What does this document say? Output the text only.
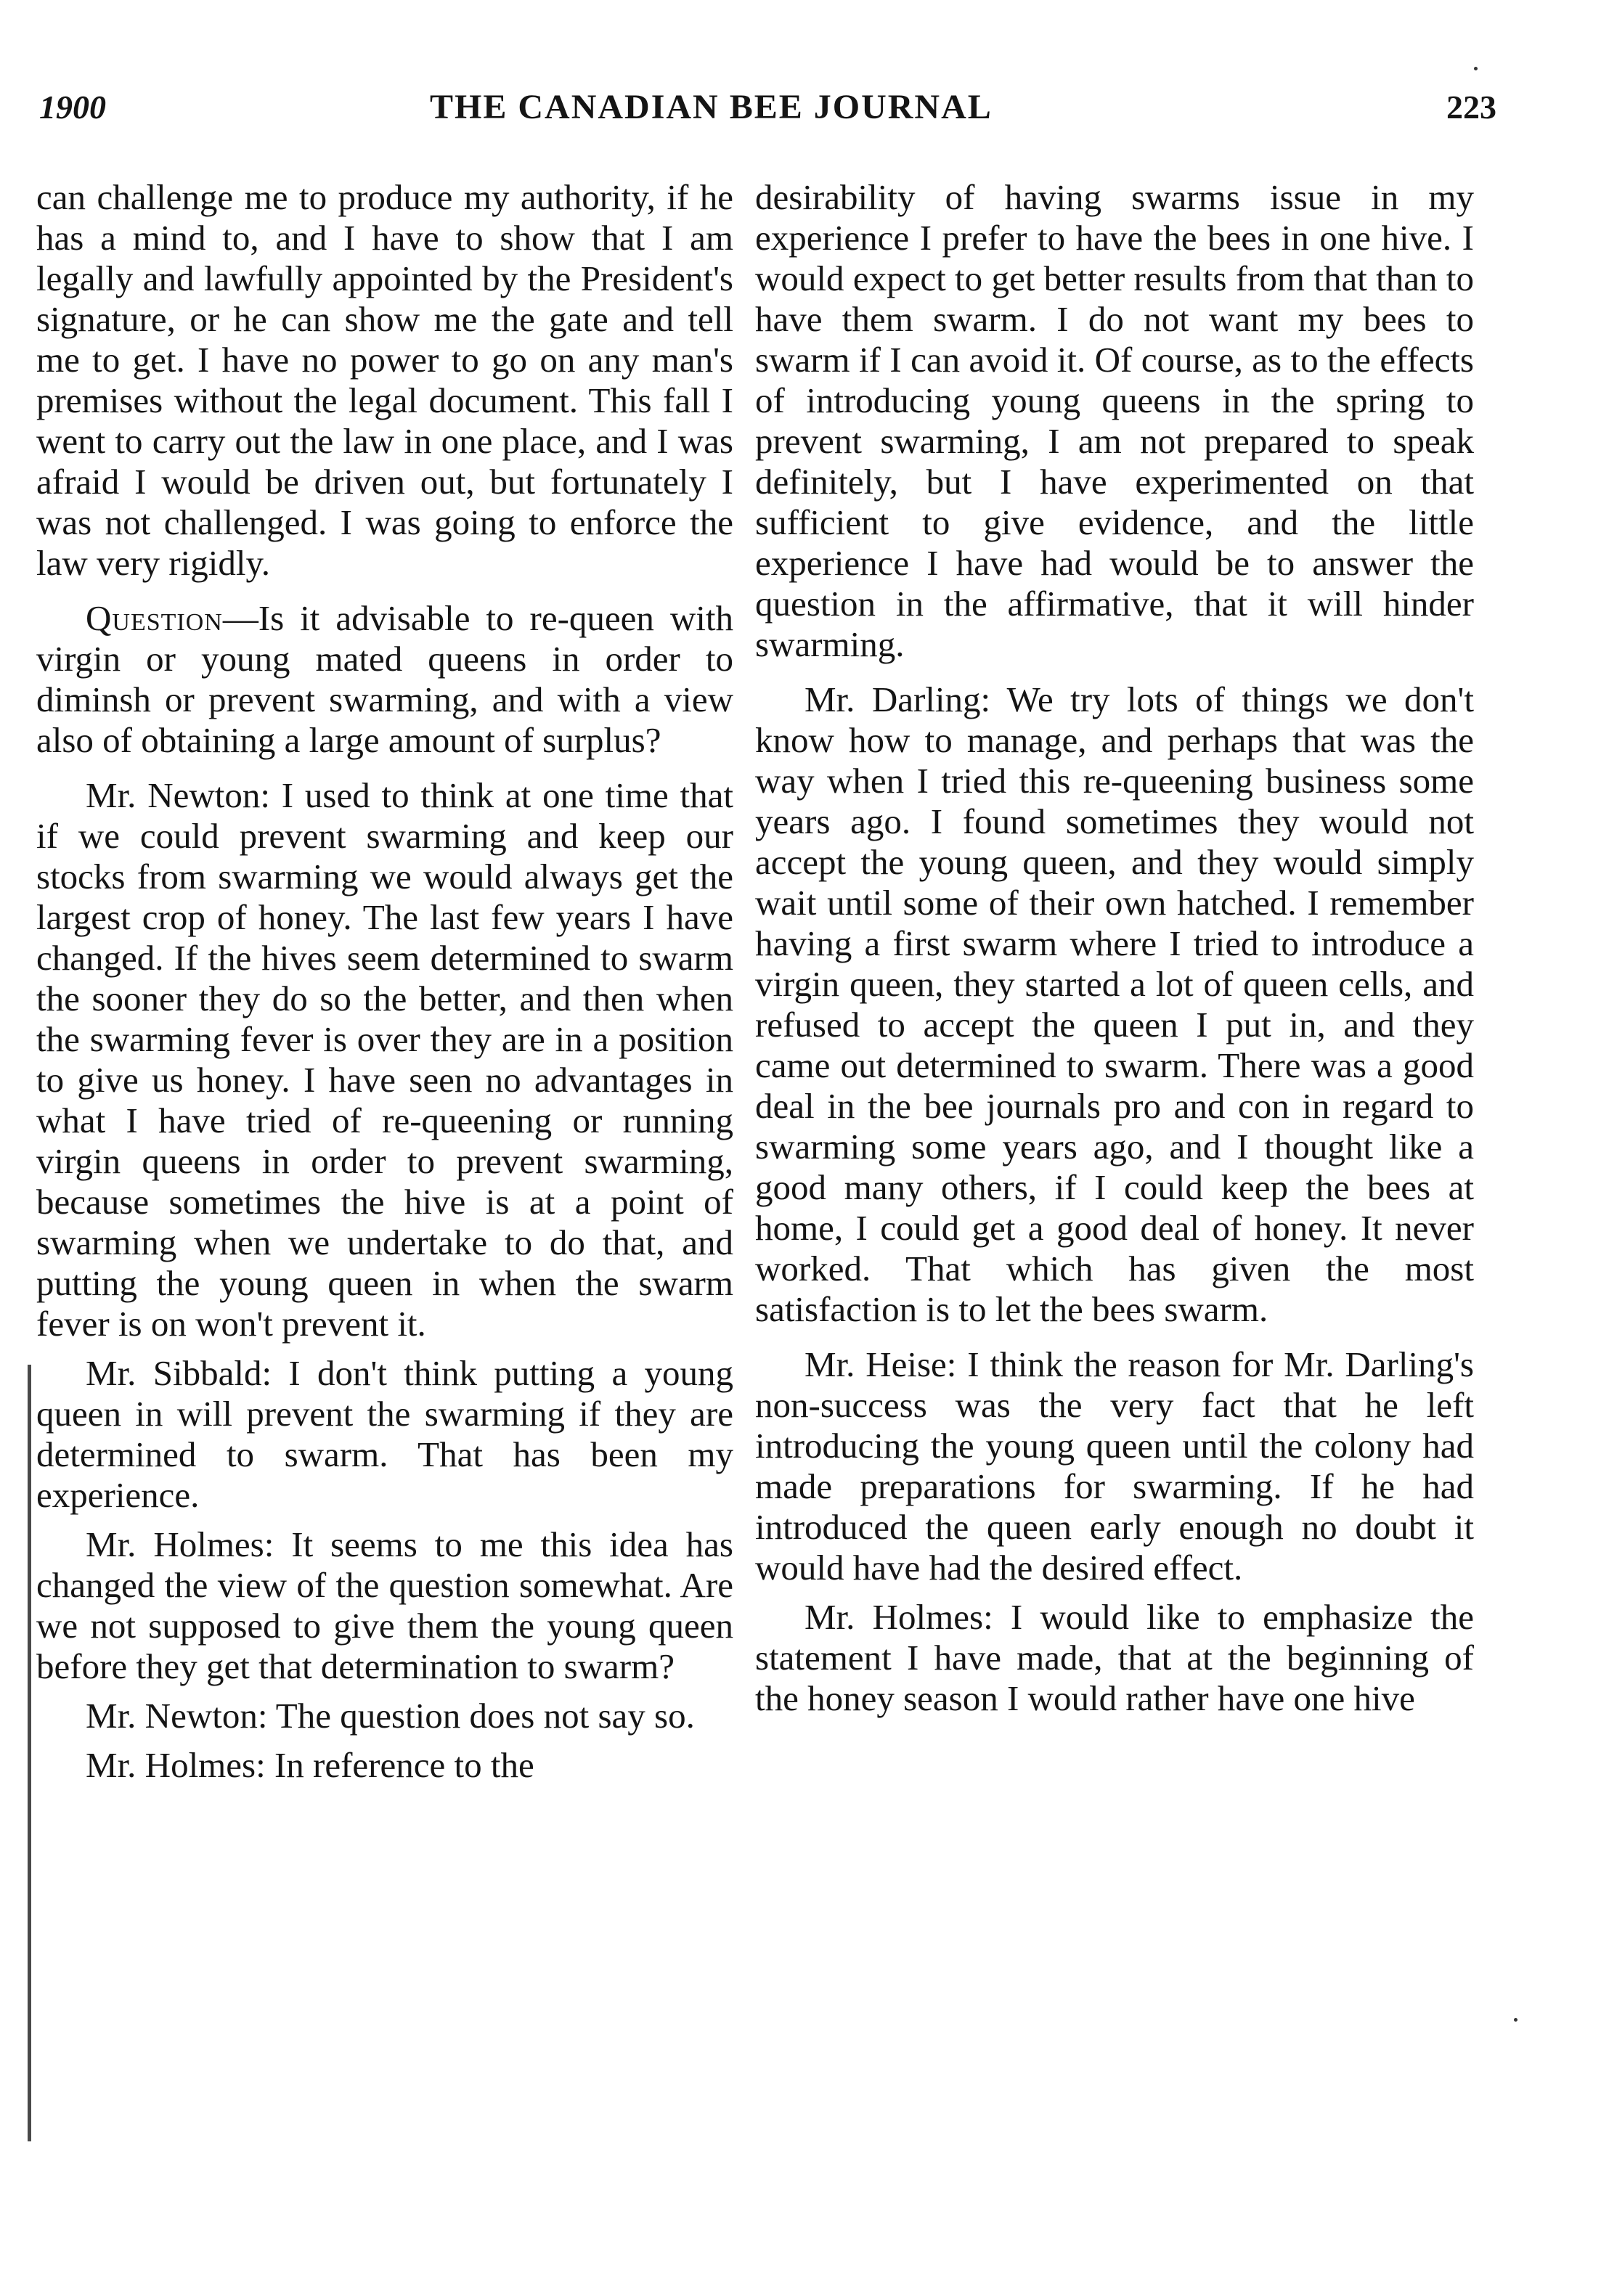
1900	THE CANADIAN BEE JOURNAL	223

can challenge me to produce my authority, if he has a mind to, and I have to show that I am legally and lawfully appointed by the President's signature, or he can show me the gate and tell me to get. I have no power to go on any man's premises without the legal document. This fall I went to carry out the law in one place, and I was afraid I would be driven out, but fortunately I was not challenged. I was going to enforce the law very rigidly.

Question—Is it advisable to re-queen with virgin or young mated queens in order to diminsh or prevent swarming, and with a view also of obtaining a large amount of surplus?

Mr. Newton: I used to think at one time that if we could prevent swarming and keep our stocks from swarming we would always get the largest crop of honey. The last few years I have changed. If the hives seem determined to swarm the sooner they do so the better, and then when the swarming fever is over they are in a position to give us honey. I have seen no advantages in what I have tried of re-queening or running virgin queens in order to prevent swarming, because sometimes the hive is at a point of swarming when we undertake to do that, and putting the young queen in when the swarm fever is on won't prevent it.

Mr. Sibbald: I don't think putting a young queen in will prevent the swarming if they are determined to swarm. That has been my experience.

Mr. Holmes: It seems to me this idea has changed the view of the question somewhat. Are we not supposed to give them the young queen before they get that determination to swarm?

Mr. Newton: The question does not say so.

Mr. Holmes: In reference to the

desirability of having swarms issue in my experience I prefer to have the bees in one hive. I would expect to get better results from that than to have them swarm. I do not want my bees to swarm if I can avoid it. Of course, as to the effects of introducing young queens in the spring to prevent swarming, I am not prepared to speak definitely, but I have experimented on that sufficient to give evidence, and the little experience I have had would be to answer the question in the affirmative, that it will hinder swarming.

Mr. Darling: We try lots of things we don't know how to manage, and perhaps that was the way when I tried this re-queening business some years ago. I found sometimes they would not accept the young queen, and they would simply wait until some of their own hatched. I remember having a first swarm where I tried to introduce a virgin queen, they started a lot of queen cells, and refused to accept the queen I put in, and they came out determined to swarm. There was a good deal in the bee journals pro and con in regard to swarming some years ago, and I thought like a good many others, if I could keep the bees at home, I could get a good deal of honey. It never worked. That which has given the most satisfaction is to let the bees swarm.

Mr. Heise: I think the reason for Mr. Darling's non-success was the very fact that he left introducing the young queen until the colony had made preparations for swarming. If he had introduced the queen early enough no doubt it would have had the desired effect.

Mr. Holmes: I would like to emphasize the statement I have made, that at the beginning of the honey season I would rather have one hive
